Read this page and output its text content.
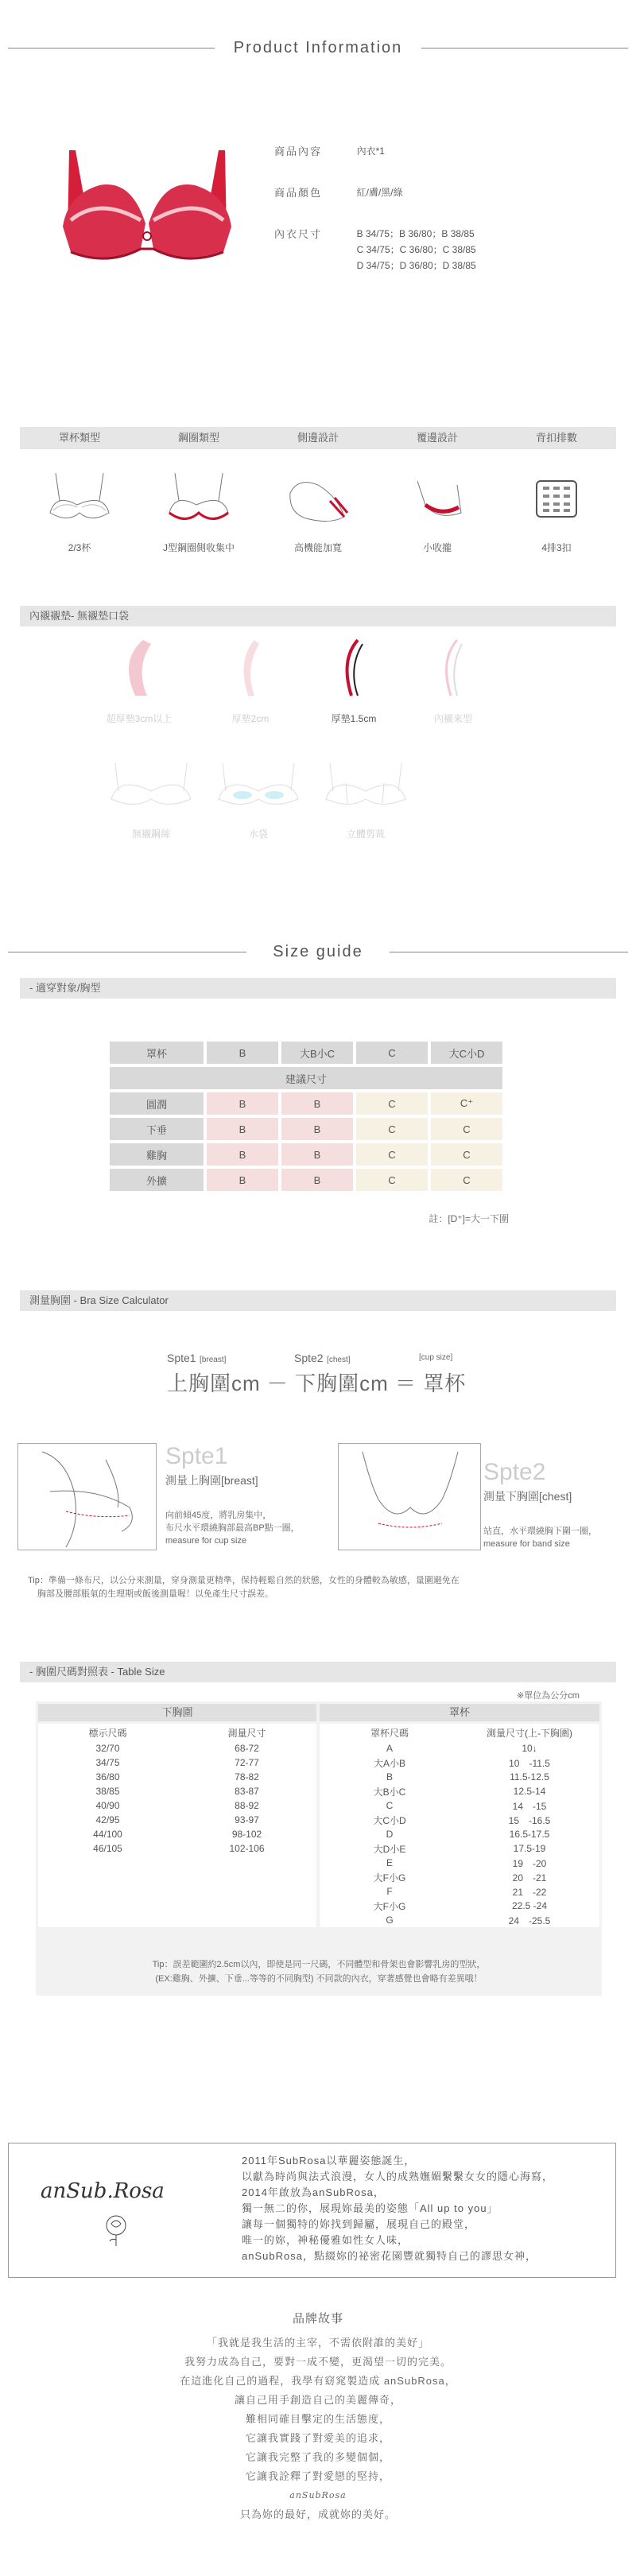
Product Information
商品內容	內衣*1
商品顏色	紅/膚/黑/綠
內衣尺寸	B 34/75；B 36/80；B 38/85
C 34/75；C 36/80；C 38/85
D 34/75；D 36/80；D 38/85
罩杯類型	鋼圈類型	側邊設計	覆邊設計	背扣排數
2/3杯	J型鋼圈側收集中	高機能加寬	小收攏	4排3扣
內襯襯墊- 無襯墊口袋
超厚墊3cm以上	厚墊2cm	厚墊1.5cm	內襯來型
無襯鋼絲	水袋	立體剪裁
Size guide
- 適穿對象/胸型
罩杯	B	大B小C	C	大C小D
建議尺寸				
圓潤	B	B	C	C⁺
下垂	B	B	C	C
雞胸	B	B	C	C
外擴	B	B	C	C
註：[D⁺]=大一下圍
測量胸圍 - Bra Size Calculator
Spte1 [breast]	Spte2 [chest]	[cup size]
上胸圍cm － 下胸圍cm ＝ 罩杯
Spte1
測量上胸圍[breast]
向前傾45度，將乳房集中，
布尺水平環繞胸部最高BP點一圈，
measure for cup size
Spte2
測量下胸圍[chest]
站直，水平環繞胸下圍一圈，
measure for band size
Tip：準備一條布尺，以公分來測量，穿身測量更精準，保持輕鬆自然的狀態，女性的身體較為敏感，量圍避免在
胸部及腰部脹氣的生理期或飯後測量喔！以免產生尺寸誤差。
- 胸圍尺碼對照表 - Table Size
※單位為公分cm
下胸圍	罩杯
標示尺碼	測量尺寸
32/70	68-72
34/75	72-77
36/80	78-82
38/85	83-87
40/90	88-92
42/95	93-97
44/100	98-102
46/105	102-106

罩杯尺碼	測量尺寸(上-下胸圍)
A	10↓
大A小B	10　-11.5
B	11.5-12.5
大B小C	12.5-14
C	14　-15
大C小D	15　-16.5
D	16.5-17.5
大D小E	17.5-19
E	19　-20
大F小G	20　-21
F	21　-22
大F小G	22.5 -24
G	24　-25.5
Tip：誤差範圍約2.5cm以內，即使是同一尺碼，不同體型和骨架也會影響乳房的型狀，
(EX:雞胸、外擴、下垂...等等的不同胸型) 不同款的內衣，穿著感覺也會略有差異哦！
anSub.Rosa
2011年SubRosa以華麗姿態誕生，
以獻為時尚與法式浪漫，女人的成熟嫵媚繫繫女女的隱心海寫，
2014年啟放為anSubRosa，
獨一無二的你，展現妳最美的姿態「All up to you」
讓每一個獨特的妳找到歸屬，展現自己的殿堂，
唯一的妳，神秘優雅如性女人味，
anSubRosa，點綴妳的祕密花園豐就獨特自己的謬思女神，
品牌故事
「我就是我生活的主宰，不需依附誰的美好」
我努力成為自己，要對一成不變，更渴望一切的完美。
在這進化自己的過程，我學有窈窕製造成 anSubRosa，
讓自己用手創造自己的美麗傳奇，
難相同確目擊定的生活態度，
它讓我實踐了對愛美的追求，
它讓我完整了我的多變個個，
它讓我詮釋了對愛戀的堅持，
anSubRosa
只為妳的最好，成就妳的美好。
